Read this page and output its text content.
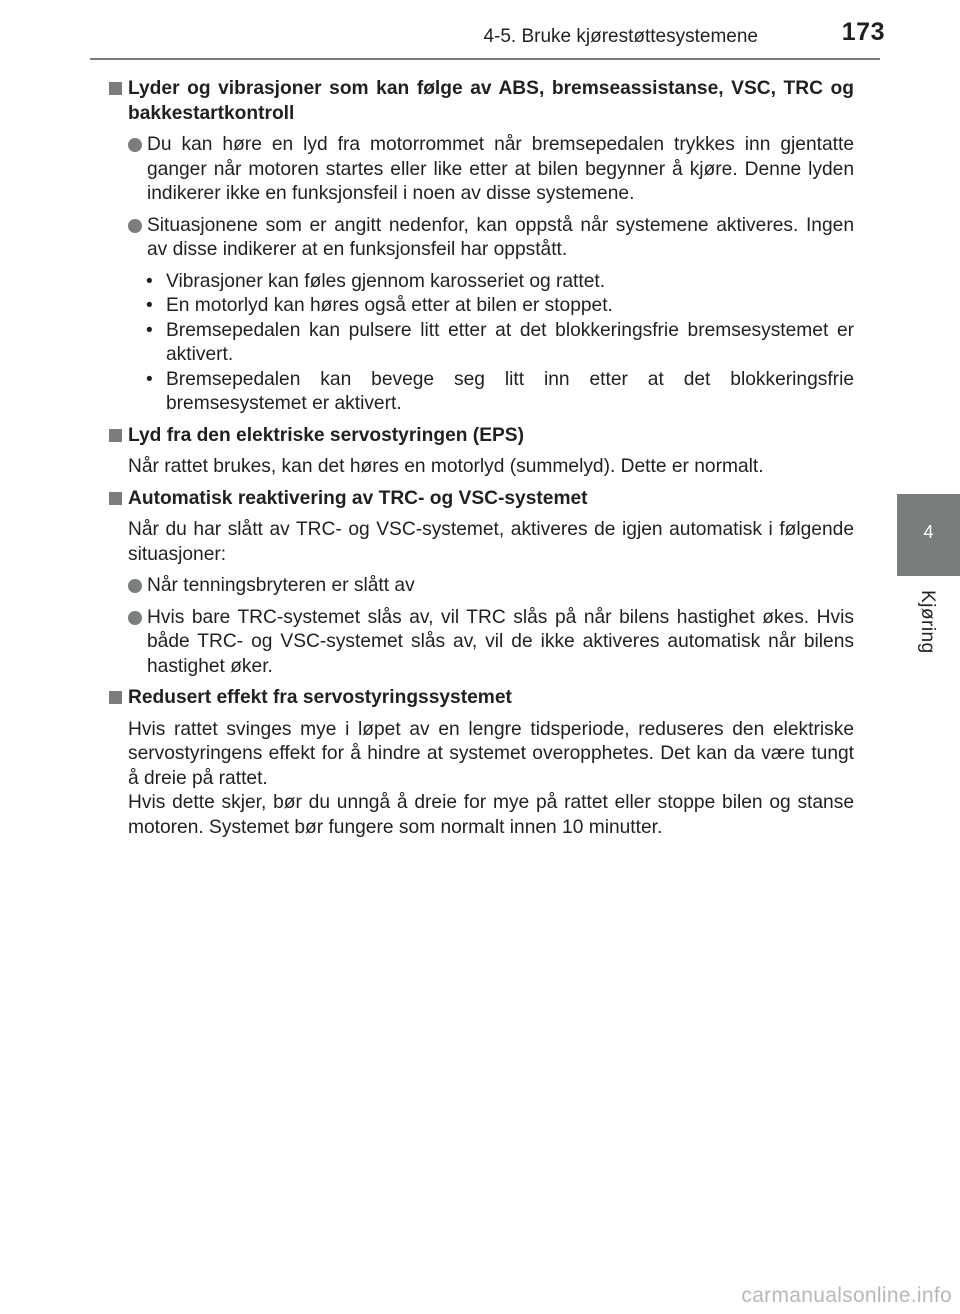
4-5. Bruke kjørestøttesystemene	173
4
Kjøring
Lyder og vibrasjoner som kan følge av ABS, bremseassistanse, VSC, TRC og bakkestartkontroll
Du kan høre en lyd fra motorrommet når bremsepedalen trykkes inn gjentatte ganger når motoren startes eller like etter at bilen begynner å kjøre. Denne lyden indikerer ikke en funksjonsfeil i noen av disse systemene.
Situasjonene som er angitt nedenfor, kan oppstå når systemene aktiveres. Ingen av disse indikerer at en funksjonsfeil har oppstått.
• Vibrasjoner kan føles gjennom karosseriet og rattet.
• En motorlyd kan høres også etter at bilen er stoppet.
• Bremsepedalen kan pulsere litt etter at det blokkeringsfrie bremsesystemet er aktivert.
• Bremsepedalen kan bevege seg litt inn etter at det blokkeringsfrie bremsesystemet er aktivert.
Lyd fra den elektriske servostyringen (EPS)
Når rattet brukes, kan det høres en motorlyd (summelyd). Dette er normalt.
Automatisk reaktivering av TRC- og VSC-systemet
Når du har slått av TRC- og VSC-systemet, aktiveres de igjen automatisk i følgende situasjoner:
Når tenningsbryteren er slått av
Hvis bare TRC-systemet slås av, vil TRC slås på når bilens hastighet økes. Hvis både TRC- og VSC-systemet slås av, vil de ikke aktiveres automatisk når bilens hastighet øker.
Redusert effekt fra servostyringssystemet
Hvis rattet svinges mye i løpet av en lengre tidsperiode, reduseres den elektriske servostyringens effekt for å hindre at systemet overopphetes. Det kan da være tungt å dreie på rattet.
Hvis dette skjer, bør du unngå å dreie for mye på rattet eller stoppe bilen og stanse motoren. Systemet bør fungere som normalt innen 10 minutter.
carmanualsonline.info
